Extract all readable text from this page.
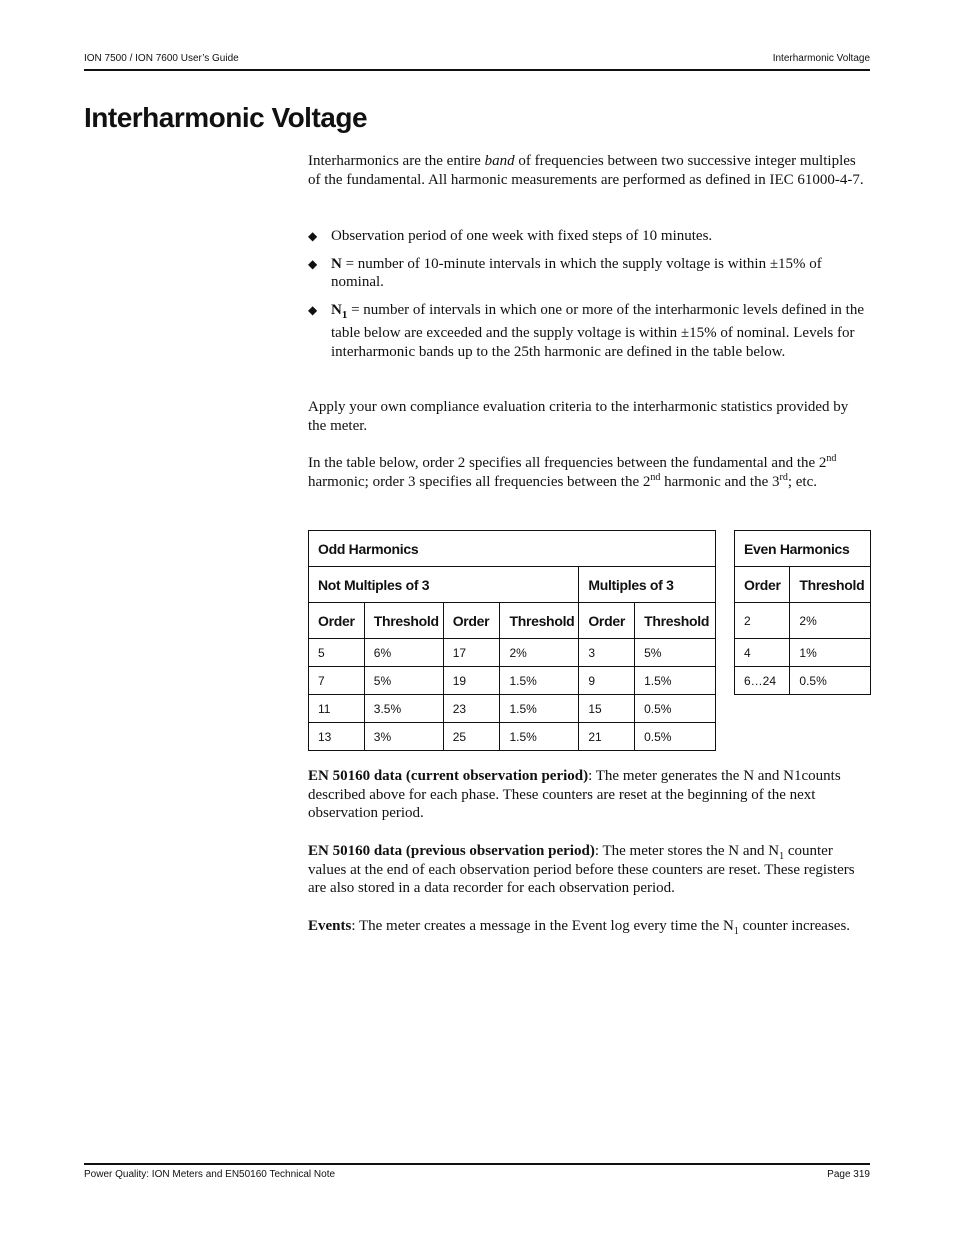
ION 7500 / ION 7600 User’s Guide	Interharmonic Voltage
Interharmonic Voltage

Interharmonics are the entire band of frequencies between two successive integer multiples of the fundamental. All harmonic measurements are performed as defined in IEC 61000-4-7.

◆ Observation period of one week with fixed steps of 10 minutes.
◆ N = number of 10-minute intervals in which the supply voltage is within ±15% of nominal.
◆ $N_1$ = number of intervals in which one or more of the interharmonic levels defined in the table below are exceeded and the supply voltage is within ±15% of nominal. Levels for interharmonic bands up to the 25th harmonic are defined in the table below.

Apply your own compliance evaluation criteria to the interharmonic statistics provided by the meter.

In the table below, order 2 specifies all frequencies between the fundamental and the 2nd harmonic; order 3 specifies all frequencies between the 2nd harmonic and the 3rd; etc.

Odd Harmonics					
Not Multiples of 3				Multiples of 3	
Order	Threshold	Order	Threshold	Order	Threshold
5	6%	17	2%	3	5%
7	5%	19	1.5%	9	1.5%
11	3.5%	23	1.5%	15	0.5%
13	3%	25	1.5%	21	0.5%
Even Harmonics	
Order	Threshold
2	2%
4	1%
6…24	0.5%

EN 50160 data (current observation period): The meter generates the N and N1counts described above for each phase. These counters are reset at the beginning of the next observation period.

EN 50160 data (previous observation period): The meter stores the N and $N_1$ counter values at the end of each observation period before these counters are reset. These registers are also stored in a data recorder for each observation period.

Events: The meter creates a message in the Event log every time the $N_1$ counter increases.

Power Quality: ION Meters and EN50160 Technical Note	Page 319
